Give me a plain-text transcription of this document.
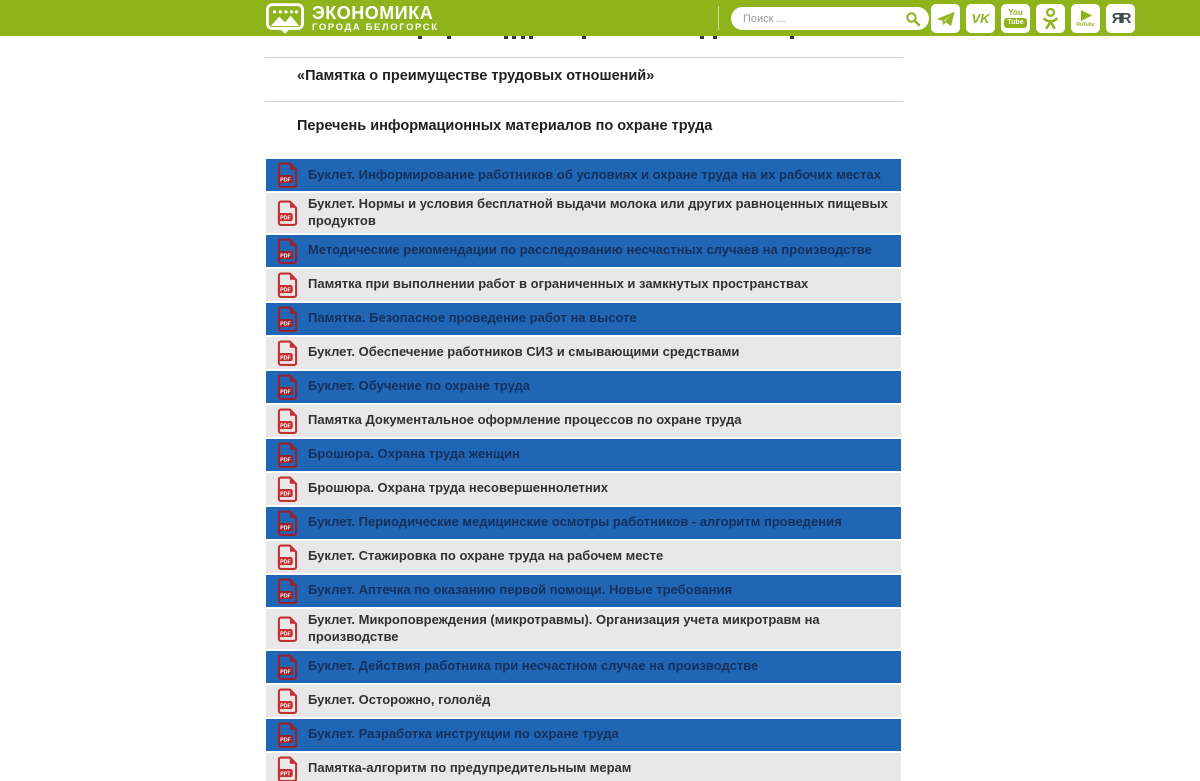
ЭКОНОМИКА
ГОРОДА БЕЛОГОРСК
Поиск ...
VK You
Tube	RuTube ЯR
«Памятка о преимуществе трудовых отношений»
Перечень информационных материалов по охране труда
PDF Буклет. Информирование работников об условиях и охране труда на их рабочих местах
PDF
Буклет. Нормы и условия бесплатной выдачи молока или других равноценных пищевых продуктов
PDF Методические рекомендации по расследованию несчастных случаев на производстве
PDF Памятка при выполнении работ в ограниченных и замкнутых пространствах
PDF Памятка. Безопасное проведение работ на высоте
PDF Буклет. Обеспечение работников СИЗ и смывающими средствами
PDF Буклет. Обучение по охране труда
PDF Памятка Документальное оформление процессов по охране труда
PDF Брошюра. Охрана труда женщин
PDF Брошюра. Охрана труда несовершеннолетних
PDF Буклет. Периодические медицинские осмотры работников - алгоритм проведения
PDF Буклет. Стажировка по охране труда на рабочем месте
PDF Буклет. Аптечка по оказанию первой помощи. Новые требования
PDF
Буклет. Микроповреждения (микротравмы). Организация учета микротравм на производстве
PDF Буклет. Действия работника при несчастном случае на производстве
PDF Буклет. Осторожно, гололёд
PDF Буклет. Разработка инструкции по охране труда
PPT Памятка-алгоритм по предупредительным мерам
